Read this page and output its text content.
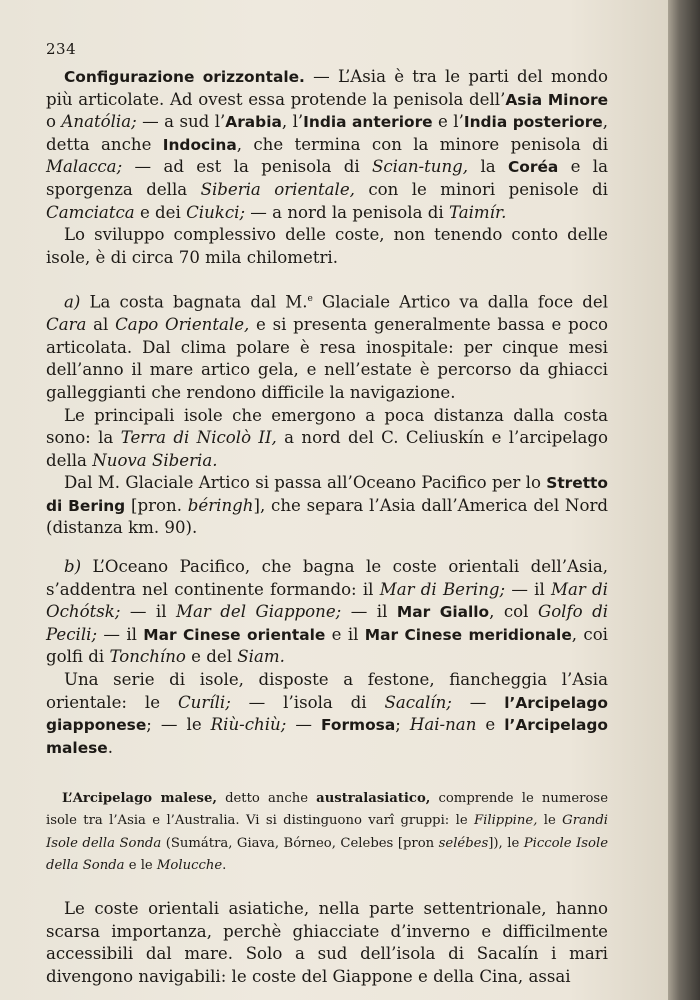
234

Configurazione orizzontale. — L’Asia è tra le parti del mondo più articolate. Ad ovest essa protende la penisola dell’Asia Minore o Anatólia; — a sud l’Arabia, l’India anteriore e l’India posteriore, detta anche Indocina, che termina con la minore penisola di Malacca; — ad est la penisola di Scian-tung, la Coréa e la sporgenza della Siberia orientale, con le minori penisole di Camciatca e dei Ciukci; — a nord la penisola di Taimír.

Lo sviluppo complessivo delle coste, non tenendo conto delle isole, è di circa 70 mila chilometri.

a) La costa bagnata dal M.$^e$ Glaciale Artico va dalla foce del Cara al Capo Orientale, e si presenta generalmente bassa e poco articolata. Dal clima polare è resa inospitale: per cinque mesi dell’anno il mare artico gela, e nell’estate è percorso da ghiacci galleggianti che rendono difficile la navigazione.

Le principali isole che emergono a poca distanza dalla costa sono: la Terra di Nicolò II, a nord del C. Celiuskín e l’arcipelago della Nuova Siberia.

Dal M. Glaciale Artico si passa all’Oceano Pacifico per lo Stretto di Bering [pron. béringh], che separa l’Asia dall’America del Nord (distanza km. 90).

b) L’Oceano Pacifico, che bagna le coste orientali dell’Asia, s’addentra nel continente formando: il Mar di Bering; — il Mar di Ochótsk; — il Mar del Giappone; — il Mar Giallo, col Golfo di Pecili; — il Mar Cinese orientale e il Mar Cinese meridionale, coi golfi di Tonchíno e del Siam.

Una serie di isole, disposte a festone, fiancheggia l’Asia orientale: le Curíli; — l’isola di Sacalín; — l’Arcipelago giapponese; — le Riù-chiù; — Formosa; Hai-nan e l’Arcipelago malese.

L’Arcipelago malese, detto anche australasiatico, comprende le numerose isole tra l’Asia e l’Australia. Vi si distinguono varî gruppi: le Filippine, le Grandi Isole della Sonda (Sumátra, Giava, Bórneo, Celebes [pron selébes]), le Piccole Isole della Sonda e le Molucche.

Le coste orientali asiatiche, nella parte settentrionale, hanno scarsa importanza, perchè ghiacciate d’inverno e difficilmente accessibili dal mare. Solo a sud dell’isola di Sacalín i mari divengono navigabili: le coste del Giappone e della Cina, assai
